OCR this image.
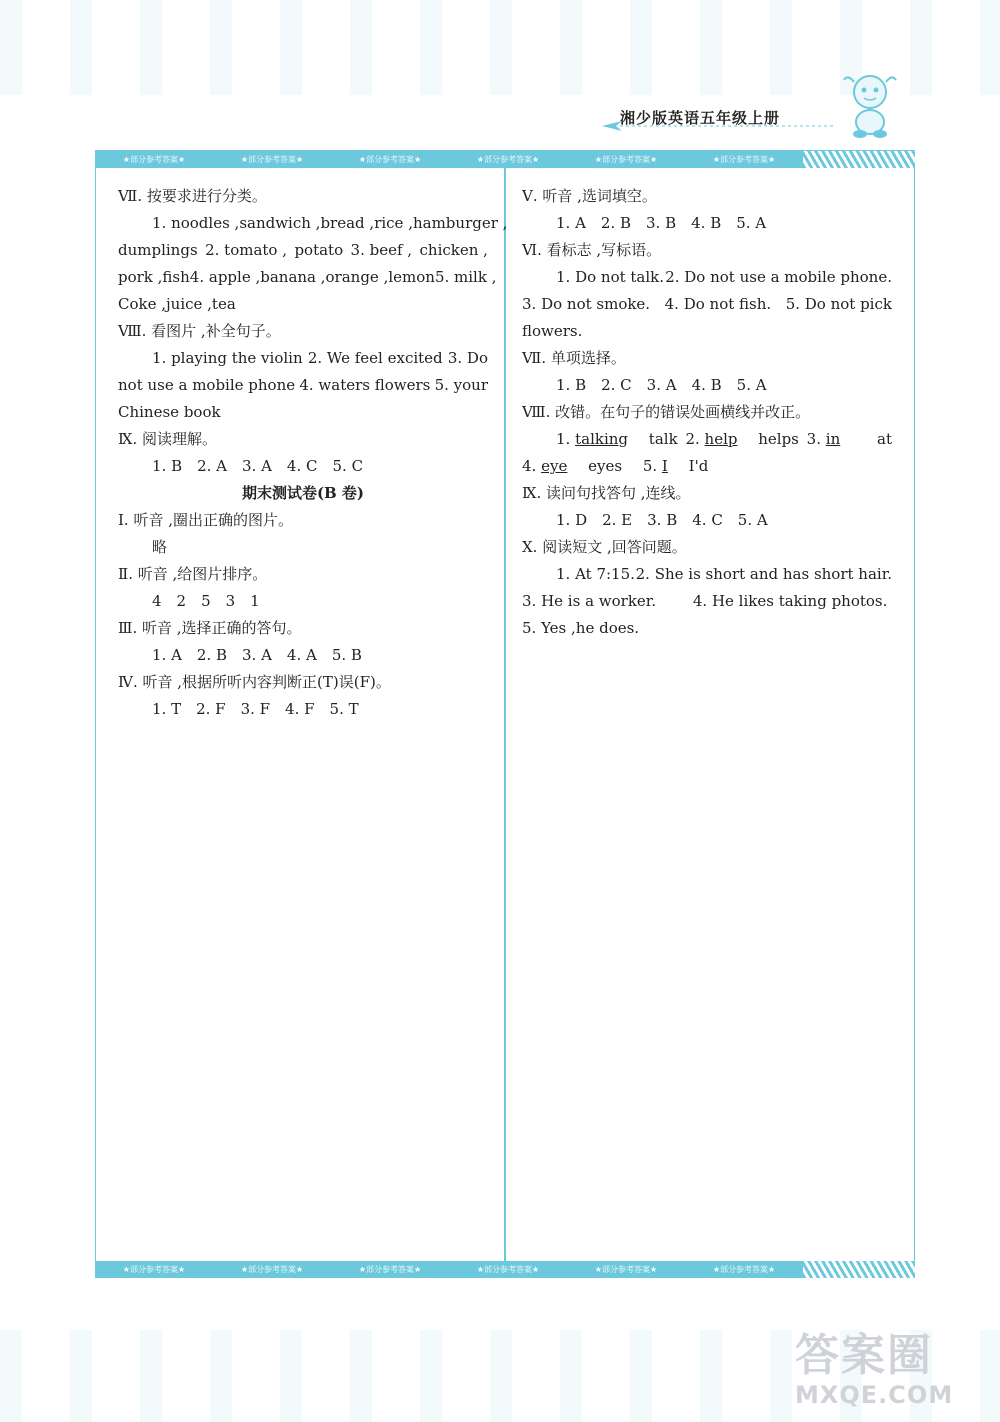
湘少版英语五年级上册
★部分参考答案★	★部分参考答案★	★部分参考答案★	★部分参考答案★	★部分参考答案★	★部分参考答案★
★部分参考答案★	★部分参考答案★	★部分参考答案★	★部分参考答案★	★部分参考答案★	★部分参考答案★
Ⅶ. 按要求进行分类。
1. noodles , sandwich , bread , rice , hamburger ,
dumplings 2. tomato , potato 3. beef , chicken ,
pork ,fish 4. apple ,banana ,orange ,lemon 5. milk ,
Coke ,juice ,tea
Ⅷ. 看图片 ,补全句子。
1. playing the violin 2. We feel excited 3. Do
not use a mobile phone 4. waters flowers 5. your
Chinese book
Ⅸ. 阅读理解。
1. B　2. A　3. A　4. C　5. C
期末测试卷(B 卷)
Ⅰ. 听音 ,圈出正确的图片。
略
Ⅱ. 听音 ,给图片排序。
4　2　5　3　1
Ⅲ. 听音 ,选择正确的答句。
1. A　2. B　3. A　4. A　5. B
Ⅳ. 听音 ,根据所听内容判断正(T)误(F)。
1. T　2. F　3. F　4. F　5. T
Ⅴ. 听音 ,选词填空。
1. A　2. B　3. B　4. B　5. A
Ⅵ. 看标志 ,写标语。
1. Do not talk. 2. Do not use a mobile phone.
3. Do not smoke. 4. Do not fish. 5. Do not pick
flowers.
Ⅶ. 单项选择。
1. B　2. C　3. A　4. B　5. A
Ⅷ. 改错。在句子的错误处画横线并改正。
1. talking talk 2. help helps 3. in at
4. eye eyes 5. I I'd
Ⅸ. 读问句找答句 ,连线。
1. D　2. E　3. B　4. C　5. A
Ⅹ. 阅读短文 ,回答问题。
1. At 7:15. 2. She is short and has short hair.
3. He is a worker. 4. He likes taking photos.
5. Yes ,he does.
答案圈
MXQE.COM
